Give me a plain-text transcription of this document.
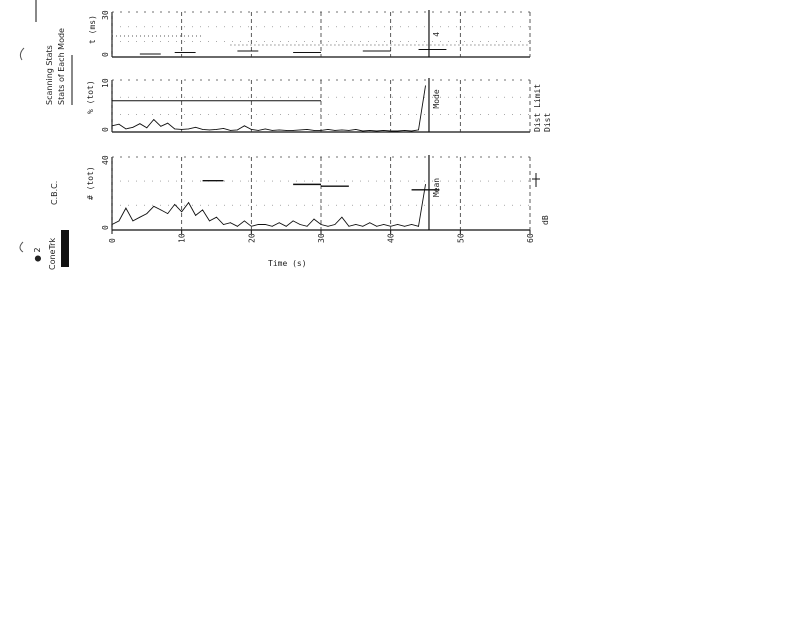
Scanning Stats Stats of Each Mode
ConeTrk
C.B.C.
● 2
t (ms)
% (tot)
# (tot)
0
30
4
0
10
Mode	Dist Limit Dist
0
40
Mean
dB
0	10	20	30	40	50	60
Time (s)
